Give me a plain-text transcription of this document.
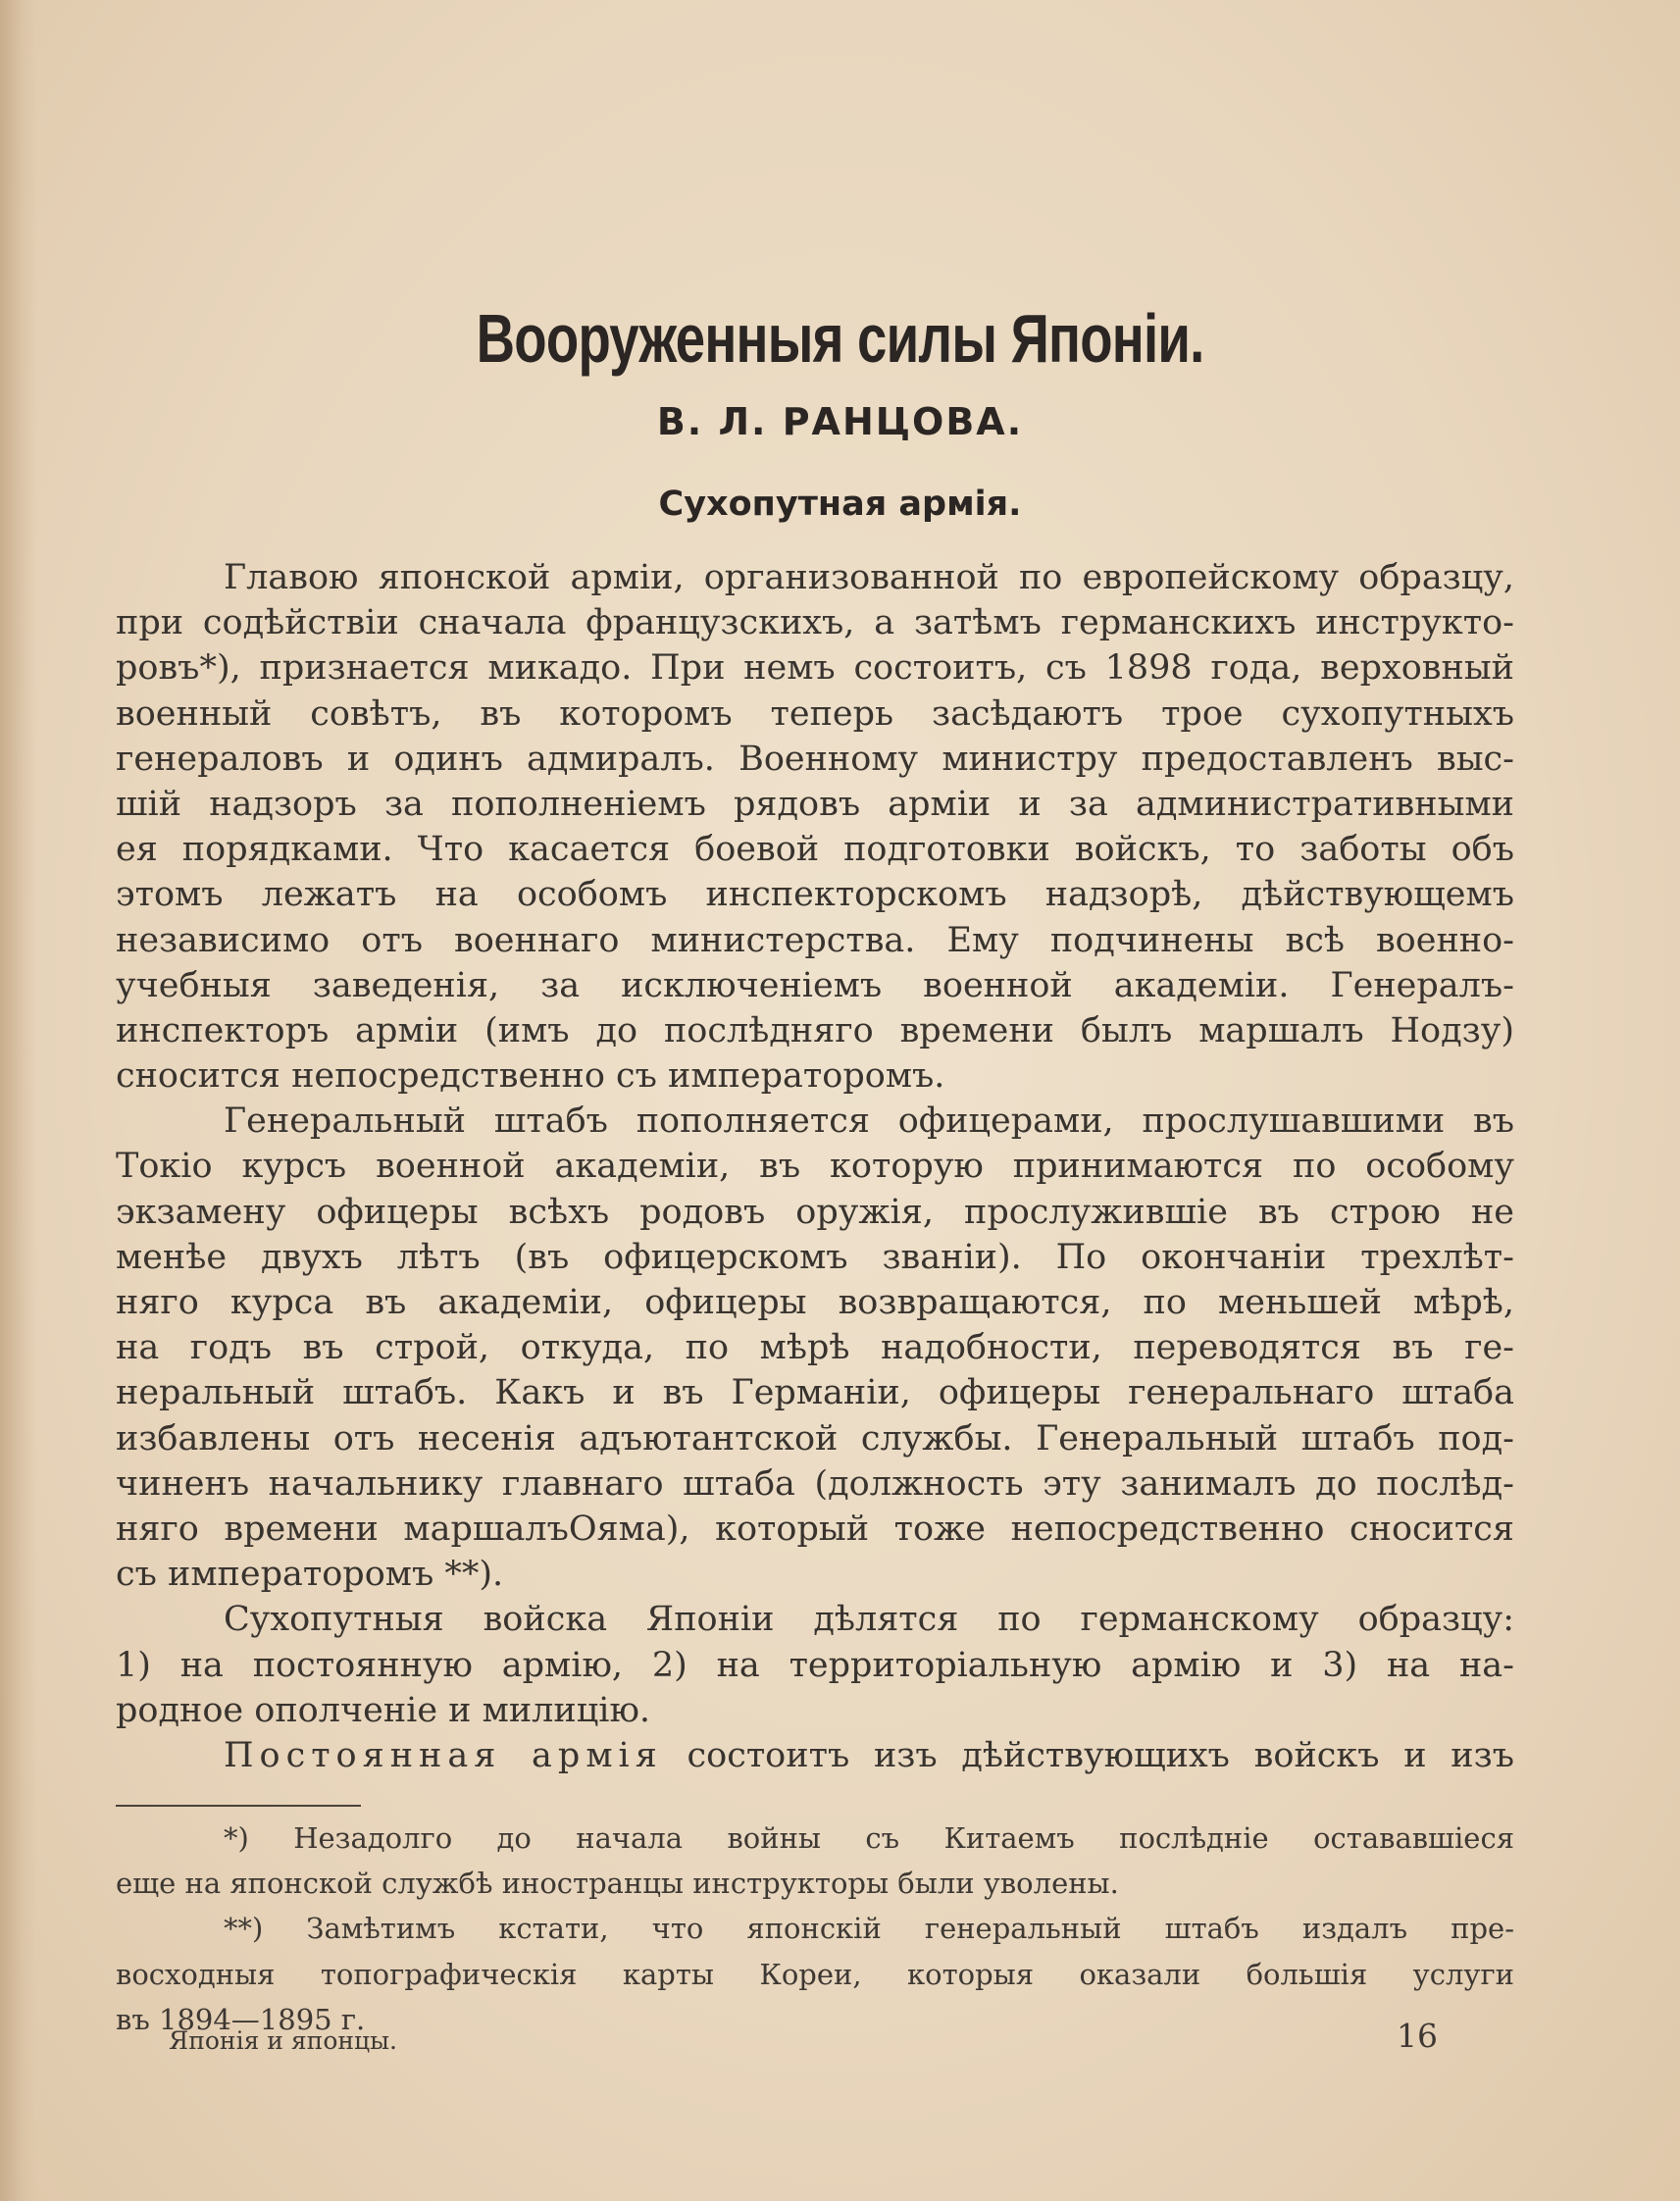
Вооруженныя силы Японіи.
В. Л. РАНЦОВА.
Сухопутная армія.
Главою японской арміи, организованной по европейскому образцу,
при содѣйствіи сначала французскихъ, а затѣмъ германскихъ инструкто-
ровъ*), признается микадо. При немъ состоитъ, съ 1898 года, верховный
военный совѣтъ, въ которомъ теперь засѣдаютъ трое сухопутныхъ
генераловъ и одинъ адмиралъ. Военному министру предоставленъ выс-
шій надзоръ за пополненіемъ рядовъ арміи и за административными
ея порядками. Что касается боевой подготовки войскъ, то заботы объ
этомъ лежатъ на особомъ инспекторскомъ надзорѣ, дѣйствующемъ
независимо отъ военнаго министерства. Ему подчинены всѣ военно-
учебныя заведенія, за исключеніемъ военной академіи. Генералъ-
инспекторъ арміи (имъ до послѣдняго времени былъ маршалъ Нодзу)
сносится непосредственно съ императоромъ.
Генеральный штабъ пополняется офицерами, прослушавшими въ
Токіо курсъ военной академіи, въ которую принимаются по особому
экзамену офицеры всѣхъ родовъ оружія, прослужившіе въ строю не
менѣе двухъ лѣтъ (въ офицерскомъ званіи). По окончаніи трехлѣт-
няго курса въ академіи, офицеры возвращаются, по меньшей мѣрѣ,
на годъ въ строй, откуда, по мѣрѣ надобности, переводятся въ ге-
неральный штабъ. Какъ и въ Германіи, офицеры генеральнаго штаба
избавлены отъ несенія адъютантской службы. Генеральный штабъ под-
чиненъ начальнику главнаго штаба (должность эту занималъ до послѣд-
няго времени маршалъОяма), который тоже непосредственно сносится
съ императоромъ **).
Сухопутныя войска Японіи дѣлятся по германскому образцу:
1) на постоянную армію, 2) на территоріальную армію и 3) на на-
родное ополченіе и милицію.
Постоянная армія состоитъ изъ дѣйствующихъ войскъ и изъ
*) Незадолго до начала войны съ Китаемъ послѣдніе остававшіеся
еще на японской службѣ иностранцы инструкторы были уволены.
**) Замѣтимъ кстати, что японскій генеральный штабъ издалъ пре-
восходныя топографическія карты Кореи, которыя оказали большія услуги
въ 1894—1895 г.
Японія и японцы.	16
